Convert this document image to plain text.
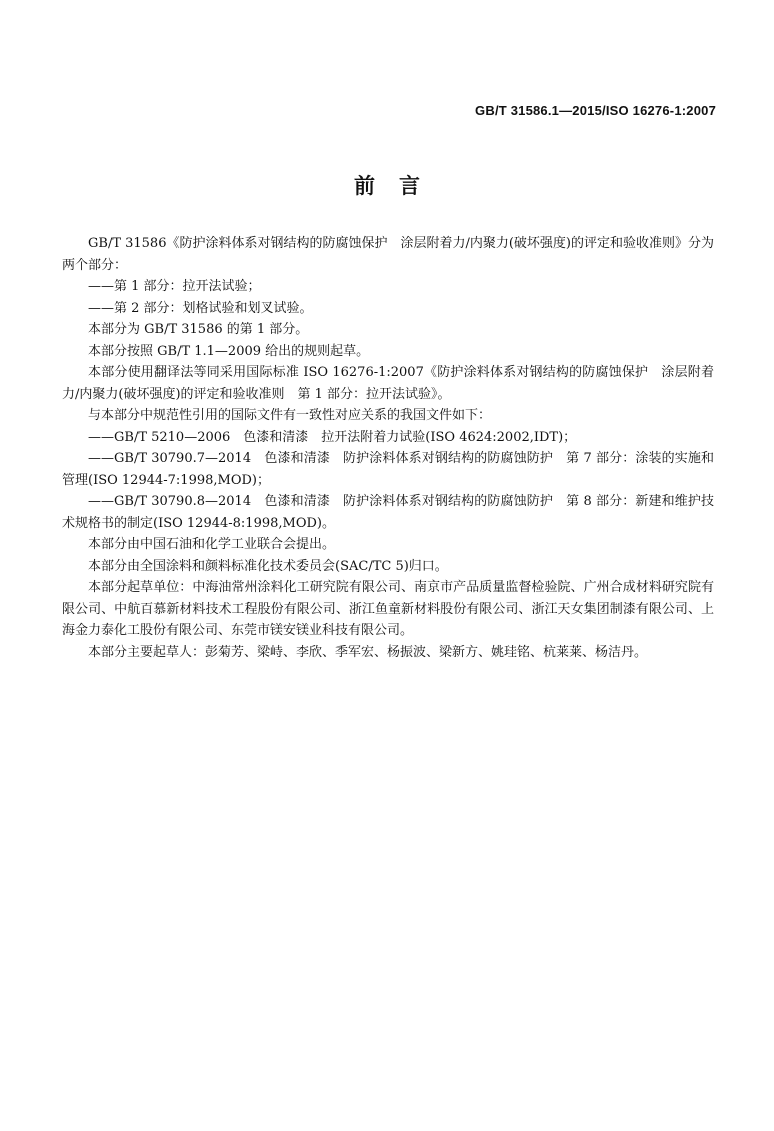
GB/T 31586.1—2015/ISO 16276-1:2007
前言

GB/T 31586《防护涂料体系对钢结构的防腐蚀保护　涂层附着力/内聚力(破坏强度)的评定和验收准则》分为两个部分：

——第 1 部分：拉开法试验；

——第 2 部分：划格试验和划叉试验。

本部分为 GB/T 31586 的第 1 部分。

本部分按照 GB/T 1.1—2009 给出的规则起草。

本部分使用翻译法等同采用国际标准 ISO 16276-1:2007《防护涂料体系对钢结构的防腐蚀保护　涂层附着力/内聚力(破坏强度)的评定和验收准则　第 1 部分：拉开法试验》。

与本部分中规范性引用的国际文件有一致性对应关系的我国文件如下：

——GB/T 5210—2006　色漆和清漆　拉开法附着力试验(ISO 4624:2002,IDT)；

——GB/T 30790.7—2014　色漆和清漆　防护涂料体系对钢结构的防腐蚀防护　第 7 部分：涂装的实施和管理(ISO 12944-7:1998,MOD)；

——GB/T 30790.8—2014　色漆和清漆　防护涂料体系对钢结构的防腐蚀防护　第 8 部分：新建和维护技术规格书的制定(ISO 12944-8:1998,MOD)。

本部分由中国石油和化学工业联合会提出。

本部分由全国涂料和颜料标准化技术委员会(SAC/TC 5)归口。

本部分起草单位：中海油常州涂料化工研究院有限公司、南京市产品质量监督检验院、广州合成材料研究院有限公司、中航百慕新材料技术工程股份有限公司、浙江鱼童新材料股份有限公司、浙江天女集团制漆有限公司、上海金力泰化工股份有限公司、东莞市镁安镁业科技有限公司。

本部分主要起草人：彭菊芳、梁峙、李欣、季军宏、杨振波、梁新方、姚珪铭、杭莱莱、杨洁丹。
